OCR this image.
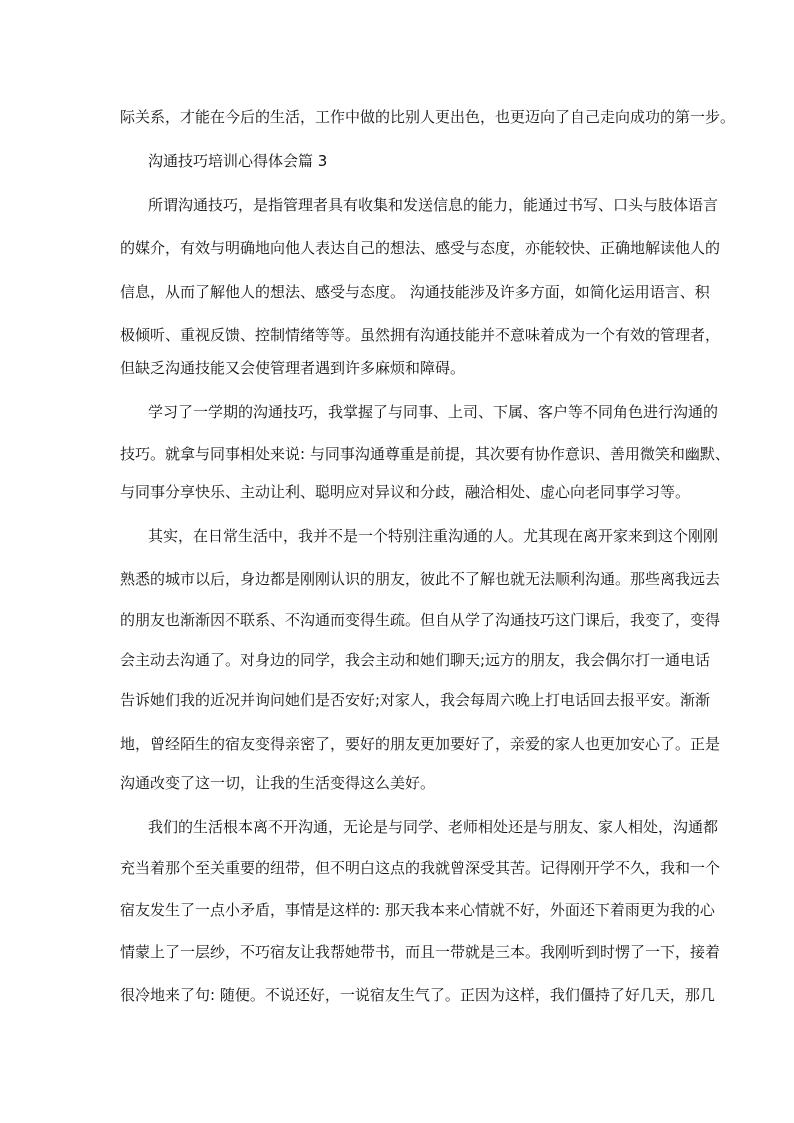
际关系，才能在今后的生活，工作中做的比别人更出色，也更迈向了自己走向成功的第一步。
沟通技巧培训心得体会篇 3
所谓沟通技巧，是指管理者具有收集和发送信息的能力，能通过书写、口头与肢体语言
的媒介，有效与明确地向他人表达自己的想法、感受与态度，亦能较快、正确地解读他人的
信息，从而了解他人的想法、感受与态度。 沟通技能涉及许多方面，如简化运用语言、积
极倾听、重视反馈、控制情绪等等。虽然拥有沟通技能并不意味着成为一个有效的管理者，
但缺乏沟通技能又会使管理者遇到许多麻烦和障碍。
学习了一学期的沟通技巧，我掌握了与同事、上司、下属、客户等不同角色进行沟通的
技巧。就拿与同事相处来说: 与同事沟通尊重是前提，其次要有协作意识、善用微笑和幽默、
与同事分享快乐、主动让利、聪明应对异议和分歧，融洽相处、虚心向老同事学习等。
其实，在日常生活中，我并不是一个特别注重沟通的人。尤其现在离开家来到这个刚刚
熟悉的城市以后，身边都是刚刚认识的朋友，彼此不了解也就无法顺利沟通。那些离我远去
的朋友也渐渐因不联系、不沟通而变得生疏。但自从学了沟通技巧这门课后，我变了，变得
会主动去沟通了。对身边的同学，我会主动和她们聊天;远方的朋友，我会偶尔打一通电话
告诉她们我的近况并询问她们是否安好;对家人，我会每周六晚上打电话回去报平安。渐渐
地，曾经陌生的宿友变得亲密了，要好的朋友更加要好了，亲爱的家人也更加安心了。正是
沟通改变了这一切，让我的生活变得这么美好。
我们的生活根本离不开沟通，无论是与同学、老师相处还是与朋友、家人相处，沟通都
充当着那个至关重要的纽带，但不明白这点的我就曾深受其苦。记得刚开学不久，我和一个
宿友发生了一点小矛盾，事情是这样的: 那天我本来心情就不好，外面还下着雨更为我的心
情蒙上了一层纱，不巧宿友让我帮她带书，而且一带就是三本。我刚听到时愣了一下，接着
很冷地来了句: 随便。不说还好，一说宿友生气了。正因为这样，我们僵持了好几天，那几
